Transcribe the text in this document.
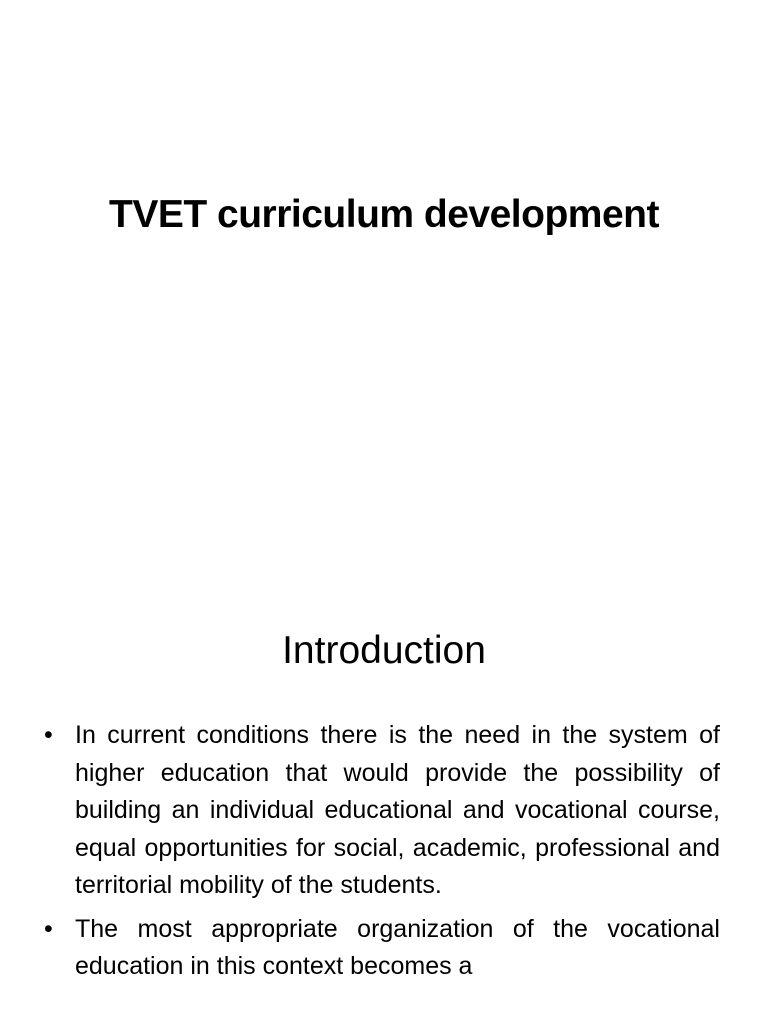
TVET curriculum development
Introduction
• In current conditions there is the need in the system of higher education that would provide the possibility of building an individual educational and vocational course, equal opportunities for social, academic, professional and territorial mobility of the students.
• The most appropriate organization of the vocational education in this context becomes a
